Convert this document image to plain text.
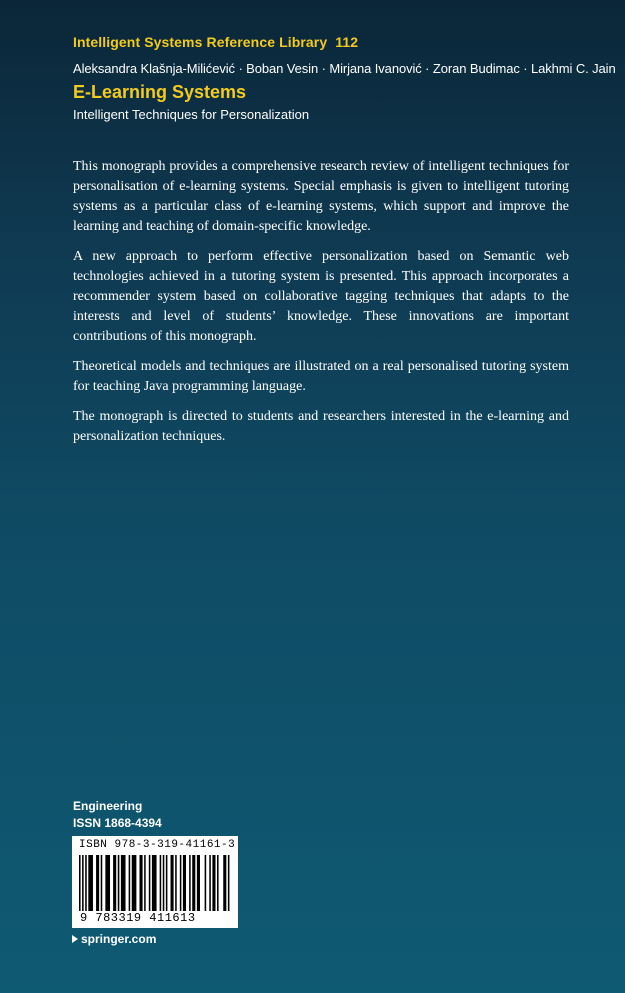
Intelligent Systems Reference Library 112
Aleksandra Klašnja-Milićević · Boban Vesin · Mirjana Ivanović · Zoran Budimac · Lakhmi C. Jain
E-Learning Systems
Intelligent Techniques for Personalization

This monograph provides a comprehensive research review of intelligent techniques for personalisation of e-learning systems. Special emphasis is given to intelligent tutoring systems as a particular class of e-learning systems, which support and improve the learning and teaching of domain-specific knowledge.

A new approach to perform effective personalization based on Semantic web technologies achieved in a tutoring system is presented. This approach incorporates a recommender system based on collaborative tagging techniques that adapts to the interests and level of students’ knowledge. These innovations are important contributions of this monograph.

Theoretical models and techniques are illustrated on a real personalised tutoring system for teaching Java programming language.

The monograph is directed to students and researchers interested in the e-learning and personalization techniques.

Engineering
ISSN 1868-4394
ISBN 978-3-319-41161-3
9 783319 411613
springer.com
